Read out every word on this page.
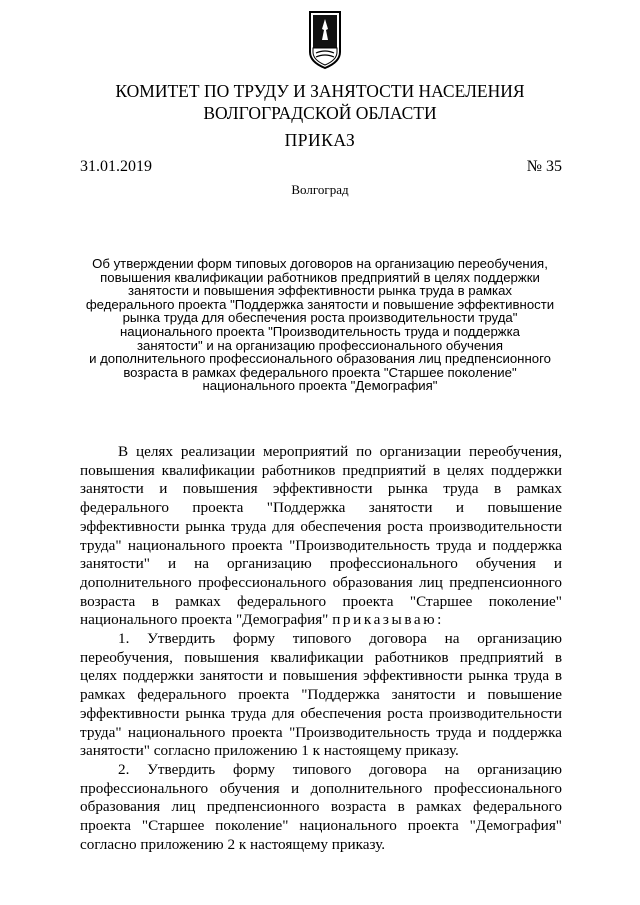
КОМИТЕТ ПО ТРУДУ И ЗАНЯТОСТИ НАСЕЛЕНИЯ
ВОЛГОГРАДСКОЙ ОБЛАСТИ
ПРИКАЗ
31.01.2019	№ 35
Волгоград
Об утверждении форм типовых договоров на организацию переобучения,
повышения квалификации работников предприятий в целях поддержки
занятости и повышения эффективности рынка труда в рамках
федерального проекта "Поддержка занятости и повышение эффективности
рынка труда для обеспечения роста производительности труда"
национального проекта "Производительность труда и поддержка
занятости" и на организацию профессионального обучения
и дополнительного профессионального образования лиц предпенсионного
возраста в рамках федерального проекта "Старшее поколение"
национального проекта "Демография"

В целях реализации мероприятий по организации переобучения, повышения квалификации работников предприятий в целях поддержки занятости и повышения эффективности рынка труда в рамках федерального проекта "Поддержка занятости и повышение эффективности рынка труда для обеспечения роста производительности труда" национального проекта "Производительность труда и поддержка занятости" и на организацию профессионального обучения и дополнительного профессионального образования лиц предпенсионного возраста в рамках федерального проекта "Старшее поколение" национального проекта "Демография" приказываю:

1. Утвердить форму типового договора на организацию переобучения, повышения квалификации работников предприятий в целях поддержки занятости и повышения эффективности рынка труда в рамках федерального проекта "Поддержка занятости и повышение эффективности рынка труда для обеспечения роста производительности труда" национального проекта "Производительность труда и поддержка занятости" согласно приложению 1 к настоящему приказу.

2. Утвердить форму типового договора на организацию профессионального обучения и дополнительного профессионального образования лиц предпенсионного возраста в рамках федерального проекта "Старшее поколение" национального проекта "Демография" согласно приложению 2 к настоящему приказу.
